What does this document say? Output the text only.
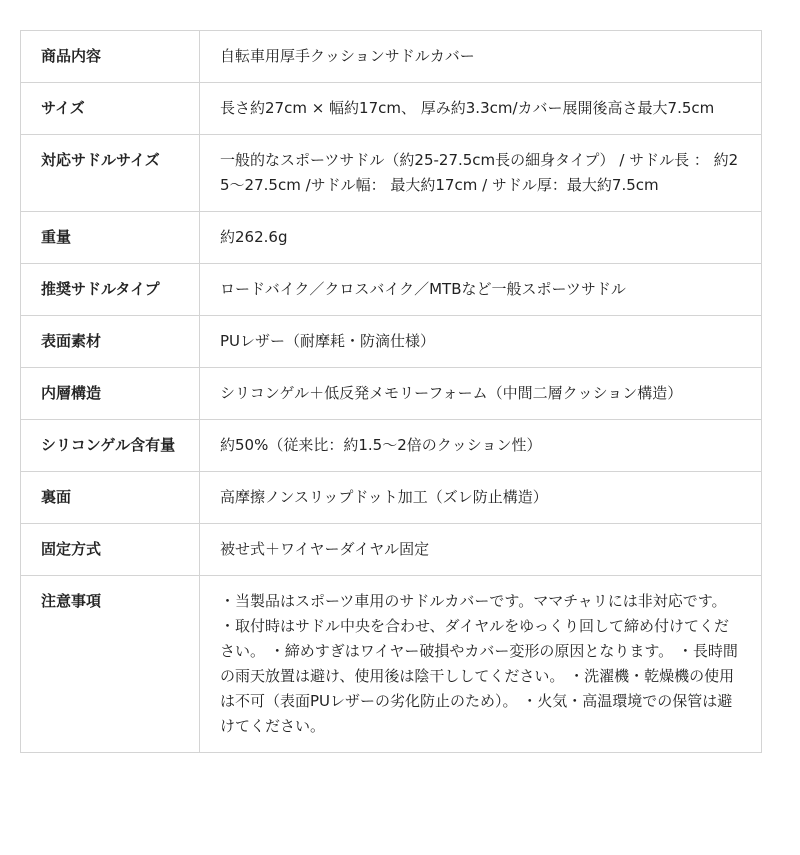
商品内容	自転車用厚手クッションサドルカバー
サイズ	長さ約27cm × 幅約17cm、 厚み約3.3cm/カバー展開後高さ最大7.5cm
対応サドルサイズ	一般的なスポーツサドル（約25-27.5cm長の細身タイプ） / サドル長 ： 約25〜27.5cm /サドル幅： 最大約17cm / サドル厚：最大約7.5cm
重量	約262.6g
推奨サドルタイプ	ロードバイク／クロスバイク／MTBなど一般スポーツサドル
表面素材	PUレザー（耐摩耗・防滴仕様）
内層構造	シリコンゲル＋低反発メモリーフォーム（中間二層クッション構造）
シリコンゲル含有量	約50%（従来比：約1.5〜2倍のクッション性）
裏面	高摩擦ノンスリップドット加工（ズレ防止構造）
固定方式	被せ式＋ワイヤーダイヤル固定
注意事項	・当製品はスポーツ車用のサドルカバーです。ママチャリには非対応です。 ・取付時はサドル中央を合わせ、ダイヤルをゆっくり回して締め付けてください。 ・締めすぎはワイヤー破損やカバー変形の原因となります。 ・長時間の雨天放置は避け、使用後は陰干ししてください。 ・洗濯機・乾燥機の使用は不可（表面PUレザーの劣化防止のため）。 ・火気・高温環境での保管は避けてください。
